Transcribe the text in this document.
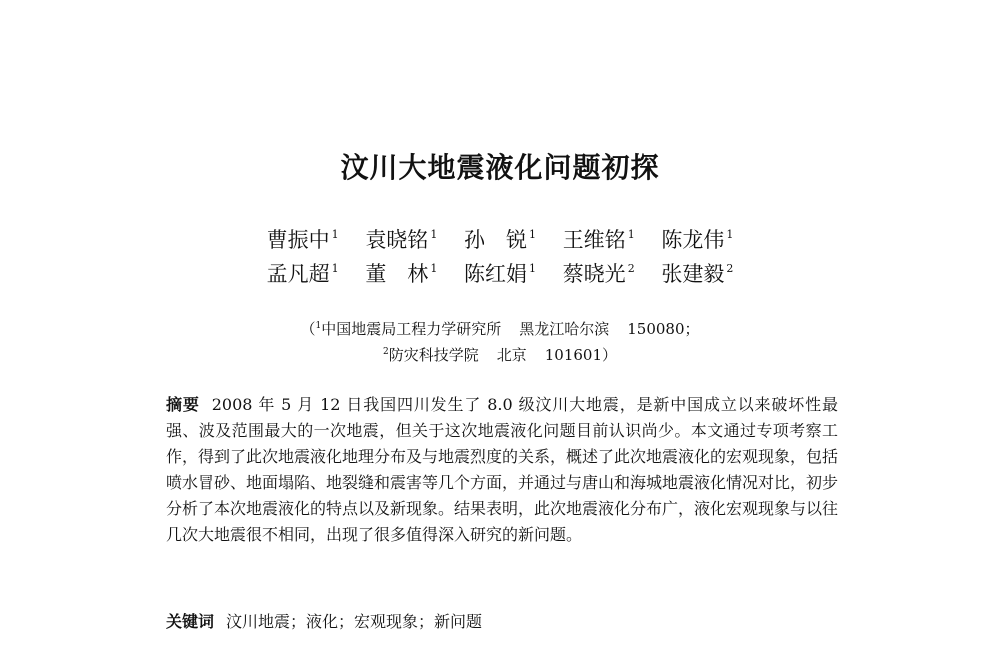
汶川大地震液化问题初探
曹振中 $^1$ 袁晓铭 $^1$ 孙　锐 $^1$ 王维铭 $^1$ 陈龙伟 $^1$
孟凡超 $^1$ 董　林 $^1$ 陈红娟 $^1$ 蔡晓光 $^2$ 张建毅 $^2$
（$^1$中国地震局工程力学研究所 黑龙江哈尔滨 150080；
$^2$防灾科技学院 北京 101601）
摘要 2008 年 5 月 12 日我国四川发生了 8.0 级汶川大地震，是新中国成立以来破坏性最强、波及范围最大的一次地震，但关于这次地震液化问题目前认识尚少。本文通过专项考察工作，得到了此次地震液化地理分布及与地震烈度的关系，概述了此次地震液化的宏观现象，包括喷水冒砂、地面塌陷、地裂缝和震害等几个方面，并通过与唐山和海城地震液化情况对比，初步分析了本次地震液化的特点以及新现象。结果表明，此次地震液化分布广，液化宏观现象与以往几次大地震很不相同，出现了很多值得深入研究的新问题。
关键词 汶川地震；液化；宏观现象；新问题
